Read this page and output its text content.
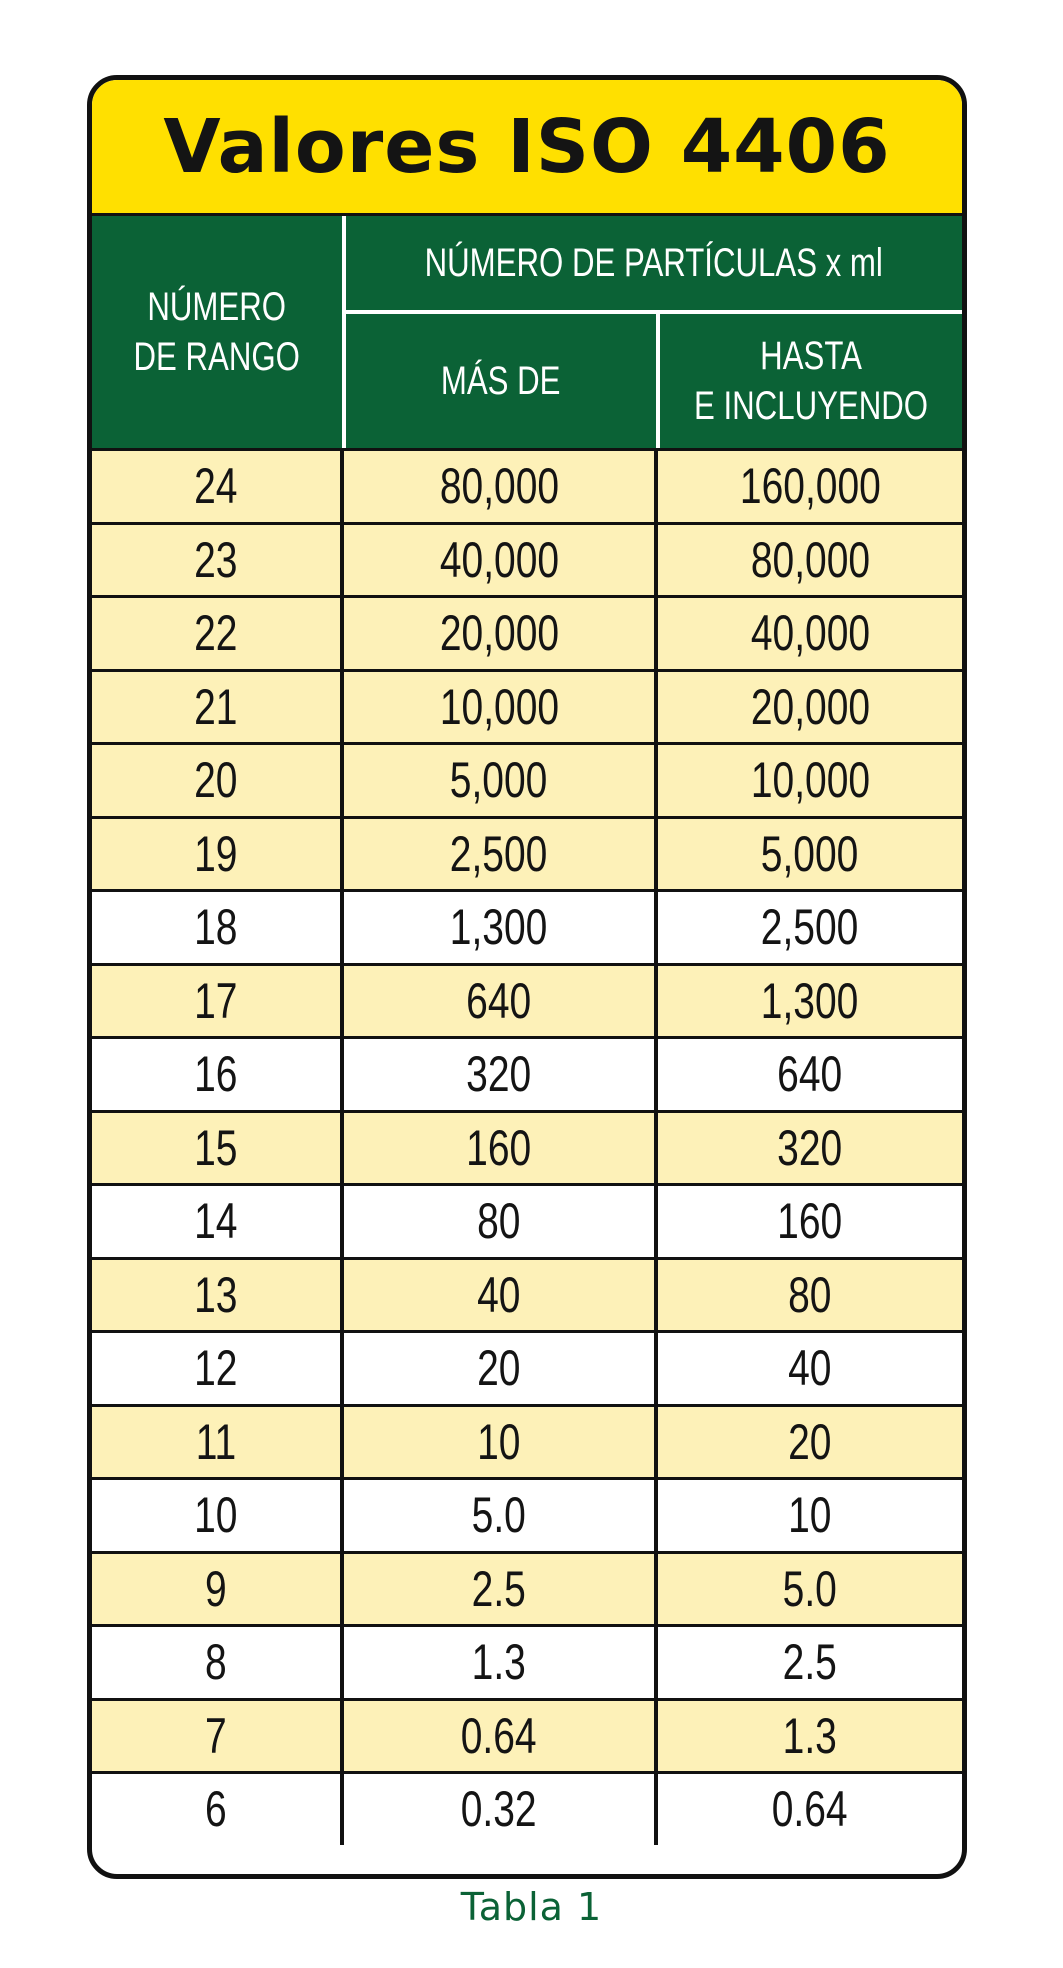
Valores ISO 4406
NÚMERO
DE RANGO
NÚMERO DE PARTÍCULAS x ml
MÁS DE
HASTA
E INCLUYENDO
24	80,000	160,000
23	40,000	80,000
22	20,000	40,000
21	10,000	20,000
20	5,000	10,000
19	2,500	5,000
18	1,300	2,500
17	640	1,300
16	320	640
15	160	320
14	80	160
13	40	80
12	20	40
11	10	20
10	5.0	10
9	2.5	5.0
8	1.3	2.5
7	0.64	1.3
6	0.32	0.64
Tabla 1
